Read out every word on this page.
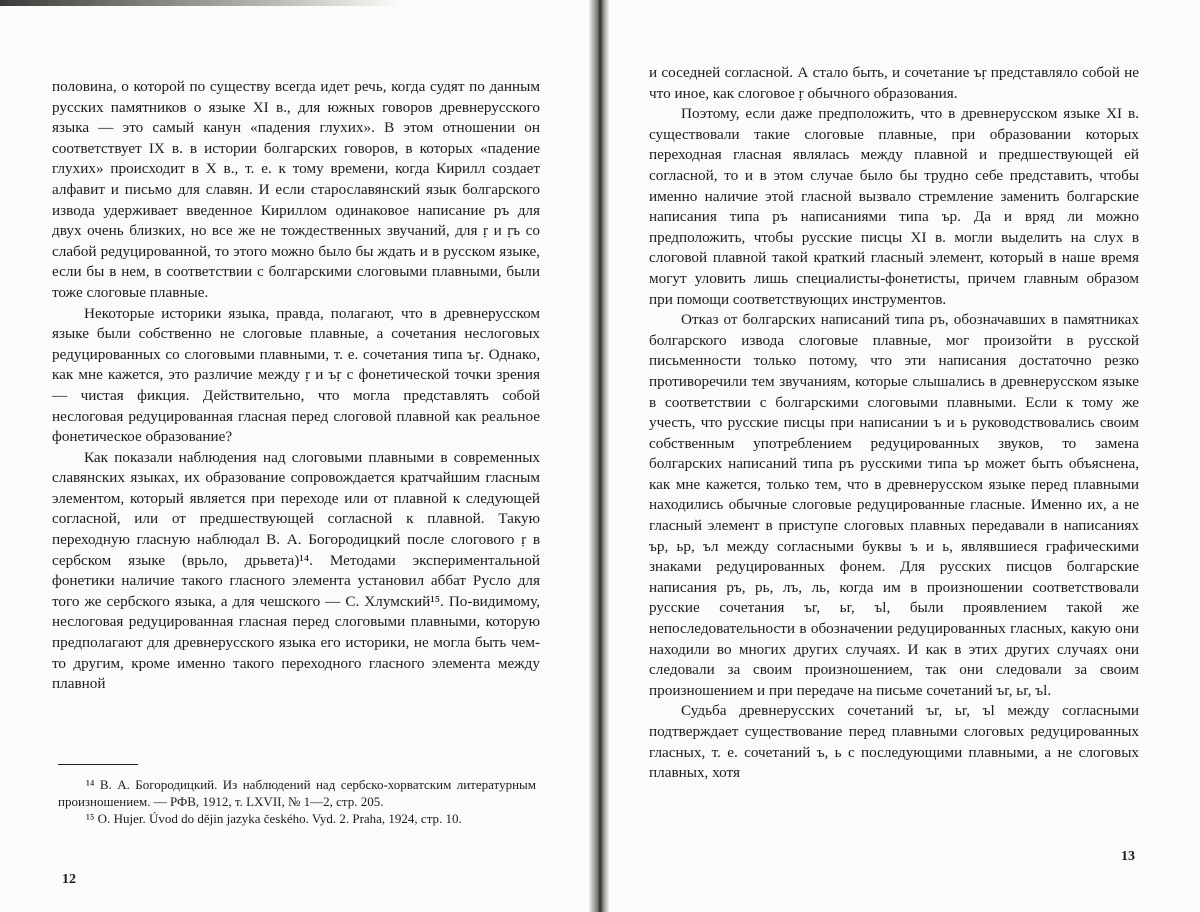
половина, о которой по существу всегда идет речь, когда судят по данным русских памятников о языке XI в., для южных говоров древнерусского языка — это самый канун «падения глухих». В этом отношении он соответствует IX в. в истории болгарских говоров, в которых «падение глухих» происходит в X в., т. е. к тому времени, когда Кирилл создает алфавит и письмо для славян. И если старославянский язык болгарского извода удерживает введенное Кириллом одинаковое написание ръ для двух очень близких, но все же не тождественных звучаний, для ṛ и ṛъ со слабой редуцированной, то этого можно было бы ждать и в русском языке, если бы в нем, в соответствии с болгарскими слоговыми плавными, были тоже слоговые плавные.

Некоторые историки языка, правда, полагают, что в древнерусском языке были собственно не слоговые плавные, а сочетания неслоговых редуцированных со слоговыми плавными, т. е. сочетания типа ъṛ. Однако, как мне кажется, это различие между ṛ и ъṛ с фонетической точки зрения — чистая фикция. Действительно, что могла представлять собой неслоговая редуцированная гласная перед слоговой плавной как реальное фонетическое образование?

Как показали наблюдения над слоговыми плавными в современных славянских языках, их образование сопровождается кратчайшим гласным элементом, который является при переходе или от плавной к следующей согласной, или от предшествующей согласной к плавной. Такую переходную гласную наблюдал В. А. Богородицкий после слогового ṛ в сербском языке (врьло, дрьвета)¹⁴. Методами экспериментальной фонетики наличие такого гласного элемента установил аббат Русло для того же сербского языка, а для чешского — С. Хлумский¹⁵. По-видимому, неслоговая редуцированная гласная перед слоговыми плавными, которую предполагают для древнерусского языка его историки, не могла быть чем-то другим, кроме именно такого переходного гласного элемента между плавной

¹⁴ В. А. Богородицкий. Из наблюдений над сербско-хорватским литературным произношением. — РФВ, 1912, т. LXVII, № 1—2, стр. 205.

¹⁵ O. Hujer. Úvod do dějin jazyka českého. Vyd. 2. Praha, 1924, стр. 10.

12

и соседней согласной. А стало быть, и сочетание ъṛ представляло собой не что иное, как слоговое ṛ обычного образования.

Поэтому, если даже предположить, что в древнерусском языке XI в. существовали такие слоговые плавные, при образовании которых переходная гласная являлась между плавной и предшествующей ей согласной, то и в этом случае было бы трудно себе представить, чтобы именно наличие этой гласной вызвало стремление заменить болгарские написания типа ръ написаниями типа ър. Да и вряд ли можно предположить, чтобы русские писцы XI в. могли выделить на слух в слоговой плавной такой краткий гласный элемент, который в наше время могут уловить лишь специалисты-фонетисты, причем главным образом при помощи соответствующих инструментов.

Отказ от болгарских написаний типа ръ, обозначавших в памятниках болгарского извода слоговые плавные, мог произойти в русской письменности только потому, что эти написания достаточно резко противоречили тем звучаниям, которые слышались в древнерусском языке в соответствии с болгарскими слоговыми плавными. Если к тому же учесть, что русские писцы при написании ъ и ь руководствовались своим собственным употреблением редуцированных звуков, то замена болгарских написаний типа ръ русскими типа ър может быть объяснена, как мне кажется, только тем, что в древнерусском языке перед плавными находились обычные слоговые редуцированные гласные. Именно их, а не гласный элемент в приступе слоговых плавных передавали в написаниях ър, ьр, ъл между согласными буквы ъ и ь, являвшиеся графическими знаками редуцированных фонем. Для русских писцов болгарские написания ръ, рь, лъ, ль, когда им в произношении соответствовали русские сочетания ъr, ьr, ъl, были проявлением такой же непоследовательности в обозначении редуцированных гласных, какую они находили во многих других случаях. И как в этих других случаях они следовали за своим произношением, так они следовали за своим произношением и при передаче на письме сочетаний ъr, ьr, ъl.

Судьба древнерусских сочетаний ъr, ьr, ъl между согласными подтверждает существование перед плавными слоговых редуцированных гласных, т. е. сочетаний ъ, ь с последующими плавными, а не слоговых плавных, хотя

13
